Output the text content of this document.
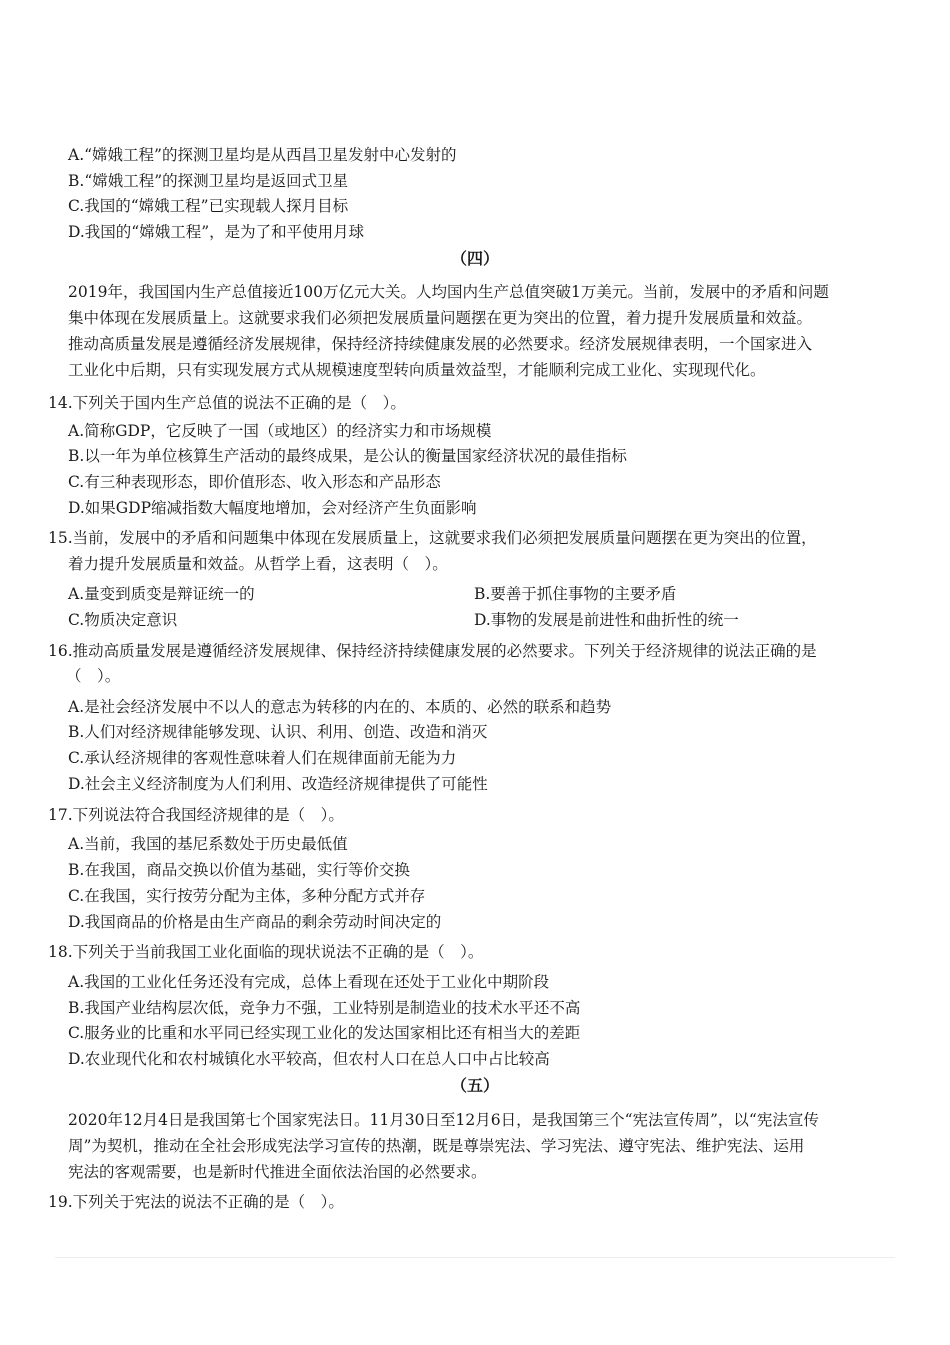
A.“嫦娥工程”的探测卫星均是从西昌卫星发射中心发射的
B.“嫦娥工程”的探测卫星均是返回式卫星
C.我国的“嫦娥工程”已实现载人探月目标
D.我国的“嫦娥工程”，是为了和平使用月球
（四）
2019年，我国国内生产总值接近100万亿元大关。人均国内生产总值突破1万美元。当前，发展中的矛盾和问题
集中体现在发展质量上。这就要求我们必须把发展质量问题摆在更为突出的位置，着力提升发展质量和效益。
推动高质量发展是遵循经济发展规律，保持经济持续健康发展的必然要求。经济发展规律表明，一个国家进入
工业化中后期，只有实现发展方式从规模速度型转向质量效益型，才能顺利完成工业化、实现现代化。
14.下列关于国内生产总值的说法不正确的是（　）。
A.简称GDP，它反映了一国（或地区）的经济实力和市场规模
B.以一年为单位核算生产活动的最终成果，是公认的衡量国家经济状况的最佳指标
C.有三种表现形态，即价值形态、收入形态和产品形态
D.如果GDP缩减指数大幅度地增加，会对经济产生负面影响
15.当前，发展中的矛盾和问题集中体现在发展质量上，这就要求我们必须把发展质量问题摆在更为突出的位置，
着力提升发展质量和效益。从哲学上看，这表明（　）。
A.量变到质变是辩证统一的	B.要善于抓住事物的主要矛盾
C.物质决定意识	D.事物的发展是前进性和曲折性的统一
16.推动高质量发展是遵循经济发展规律、保持经济持续健康发展的必然要求。下列关于经济规律的说法正确的是
（　）。
A.是社会经济发展中不以人的意志为转移的内在的、本质的、必然的联系和趋势
B.人们对经济规律能够发现、认识、利用、创造、改造和消灭
C.承认经济规律的客观性意味着人们在规律面前无能为力
D.社会主义经济制度为人们利用、改造经济规律提供了可能性
17.下列说法符合我国经济规律的是（　）。
A.当前，我国的基尼系数处于历史最低值
B.在我国，商品交换以价值为基础，实行等价交换
C.在我国，实行按劳分配为主体，多种分配方式并存
D.我国商品的价格是由生产商品的剩余劳动时间决定的
18.下列关于当前我国工业化面临的现状说法不正确的是（　）。
A.我国的工业化任务还没有完成，总体上看现在还处于工业化中期阶段
B.我国产业结构层次低，竞争力不强，工业特别是制造业的技术水平还不高
C.服务业的比重和水平同已经实现工业化的发达国家相比还有相当大的差距
D.农业现代化和农村城镇化水平较高，但农村人口在总人口中占比较高
（五）
2020年12月4日是我国第七个国家宪法日。11月30日至12月6日，是我国第三个“宪法宣传周”，以“宪法宣传
周”为契机，推动在全社会形成宪法学习宣传的热潮，既是尊崇宪法、学习宪法、遵守宪法、维护宪法、运用
宪法的客观需要，也是新时代推进全面依法治国的必然要求。
19.下列关于宪法的说法不正确的是（　）。
